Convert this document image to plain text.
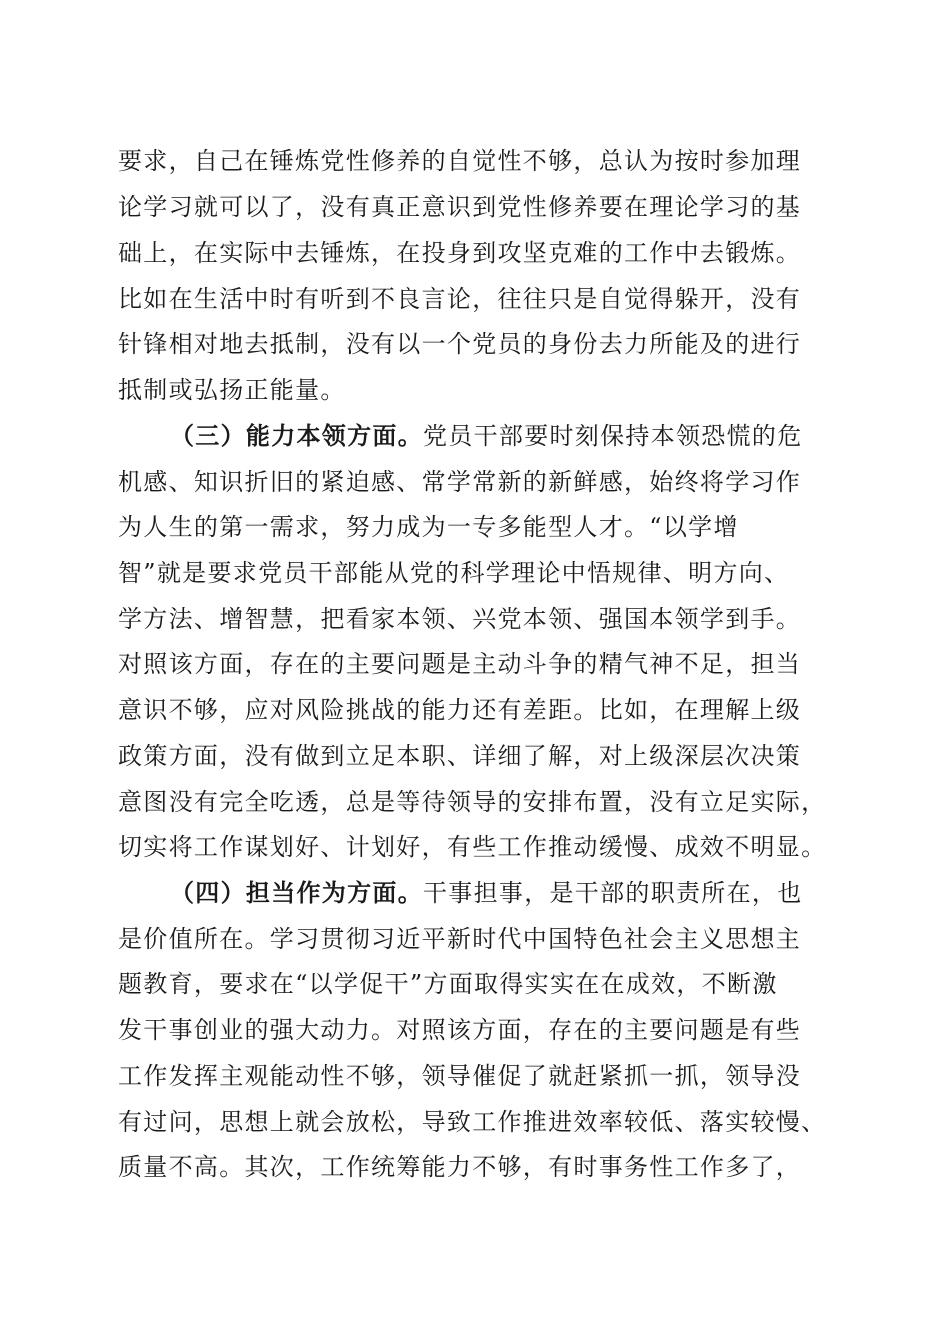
要求，自己在锤炼党性修养的自觉性不够，总认为按时参加理

论学习就可以了，没有真正意识到党性修养要在理论学习的基

础上，在实际中去锤炼，在投身到攻坚克难的工作中去锻炼。

比如在生活中时有听到不良言论，往往只是自觉得躲开，没有

针锋相对地去抵制，没有以一个党员的身份去力所能及的进行

抵制或弘扬正能量。

（三）能力本领方面。党员干部要时刻保持本领恐慌的危

机感、知识折旧的紧迫感、常学常新的新鲜感，始终将学习作

为人生的第一需求，努力成为一专多能型人才。“以学增

智”就是要求党员干部能从党的科学理论中悟规律、明方向、

学方法、增智慧，把看家本领、兴党本领、强国本领学到手。

对照该方面，存在的主要问题是主动斗争的精气神不足，担当

意识不够，应对风险挑战的能力还有差距。比如，在理解上级

政策方面，没有做到立足本职、详细了解，对上级深层次决策

意图没有完全吃透，总是等待领导的安排布置，没有立足实际，

切实将工作谋划好、计划好，有些工作推动缓慢、成效不明显。

（四）担当作为方面。干事担事，是干部的职责所在，也

是价值所在。学习贯彻习近平新时代中国特色社会主义思想主

题教育，要求在“以学促干”方面取得实实在在成效，不断激

发干事创业的强大动力。对照该方面，存在的主要问题是有些

工作发挥主观能动性不够，领导催促了就赶紧抓一抓，领导没

有过问，思想上就会放松，导致工作推进效率较低、落实较慢、

质量不高。其次，工作统筹能力不够，有时事务性工作多了，
